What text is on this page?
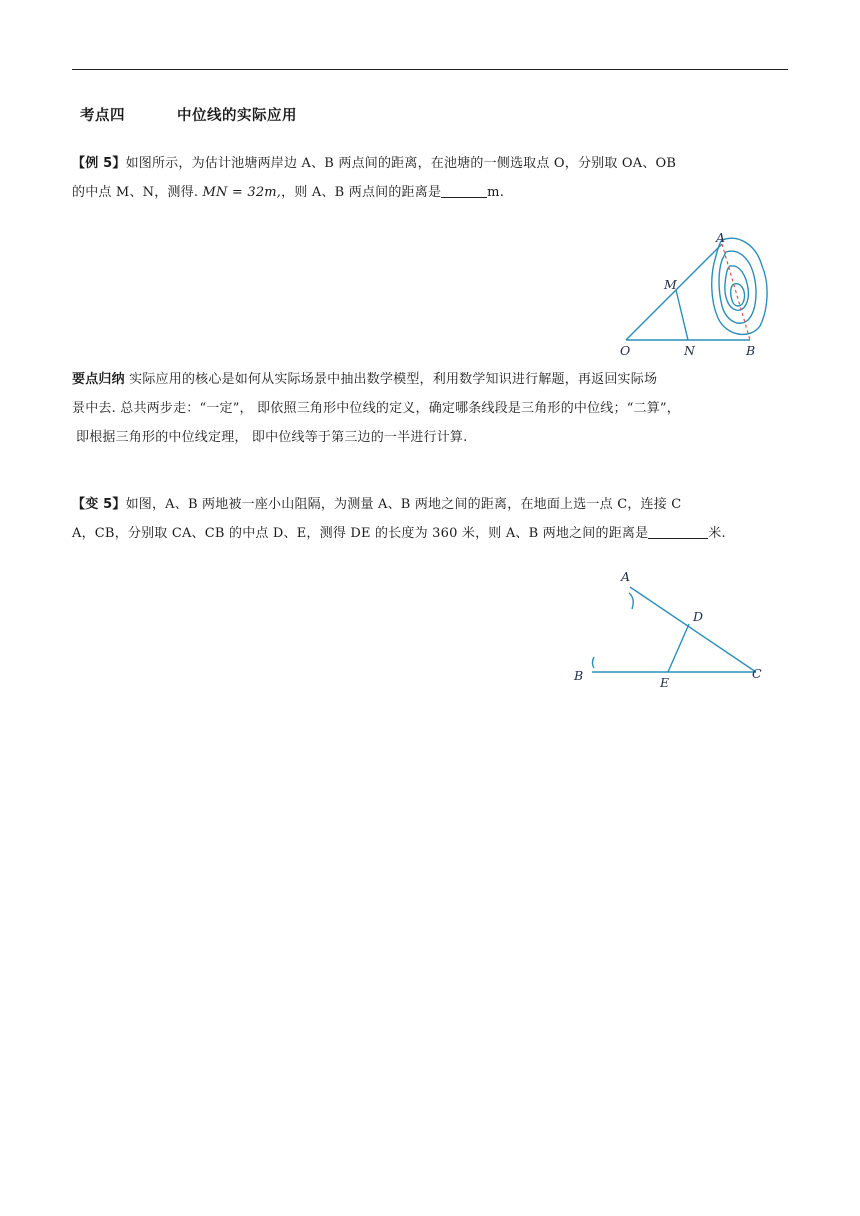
考点四	中位线的实际应用
【例 5】如图所示，为估计池塘两岸边 A、B 两点间的距离，在池塘的一侧选取点 O，分别取 OA、OB
的中点 M、N，测得. MN = 32m,，则 A、B 两点间的距离是	m.
A
M
O	N	B
要点归纳 实际应用的核心是如何从实际场景中抽出数学模型，利用数学知识进行解题，再返回实际场
景中去. 总共两步走：“一定”， 即依照三角形中位线的定义，确定哪条线段是三角形的中位线；“二算”，
即根据三角形的中位线定理， 即中位线等于第三边的一半进行计算.
【变 5】如图，A、B 两地被一座小山阻隔，为测量 A、B 两地之间的距离，在地面上选一点 C，连接 C
A，CB，分别取 CA、CB 的中点 D、E，测得 DE 的长度为 360 米，则 A、B 两地之间的距离是	米.
A
D
B	E
C
